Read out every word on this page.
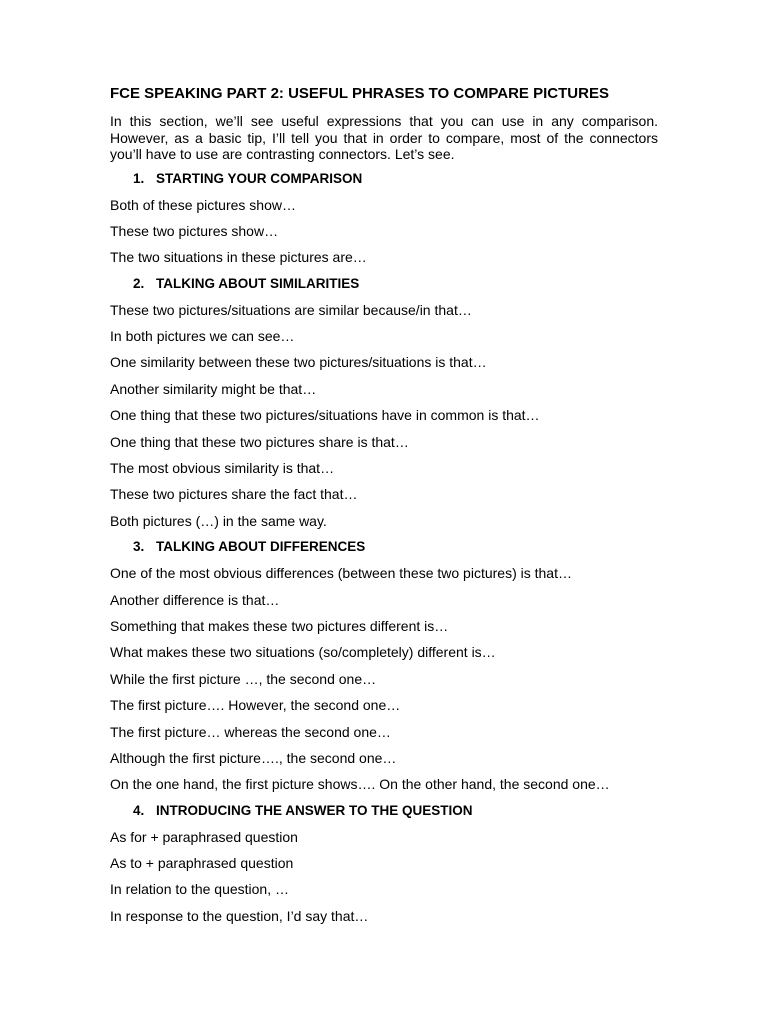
FCE SPEAKING PART 2: USEFUL PHRASES TO COMPARE PICTURES
In this section, we’ll see useful expressions that you can use in any comparison. However, as a basic tip, I’ll tell you that in order to compare, most of the connectors you’ll have to use are contrasting connectors. Let’s see.
1. STARTING YOUR COMPARISON
Both of these pictures show…
These two pictures show…
The two situations in these pictures are…
2. TALKING ABOUT SIMILARITIES
These two pictures/situations are similar because/in that…
In both pictures we can see…
One similarity between these two pictures/situations is that…
Another similarity might be that…
One thing that these two pictures/situations have in common is that…
One thing that these two pictures share is that…
The most obvious similarity is that…
These two pictures share the fact that…
Both pictures (…) in the same way.
3. TALKING ABOUT DIFFERENCES
One of the most obvious differences (between these two pictures) is that…
Another difference is that…
Something that makes these two pictures different is…
What makes these two situations (so/completely) different is…
While the first picture …, the second one…
The first picture…. However, the second one…
The first picture… whereas the second one…
Although the first picture…., the second one…
On the one hand, the first picture shows…. On the other hand, the second one…
4. INTRODUCING THE ANSWER TO THE QUESTION
As for + paraphrased question
As to + paraphrased question
In relation to the question, …
In response to the question, I’d say that…
